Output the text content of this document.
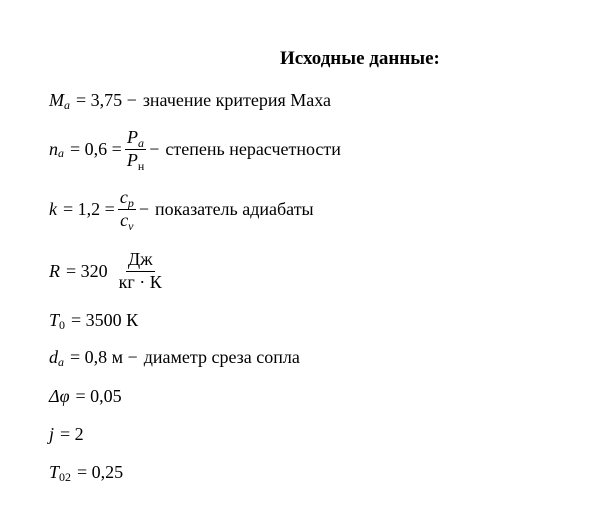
Исходные данные:
$M_a = 3,75$ − значение критерия Маха
$n_a = 0,6 = \frac{P_a}{P_н}$ − степень нерасчетности
$k = 1,2 = \frac{c_p}{c_v}$ − показатель адиабаты
$R = 320 \frac{Дж}{кг \cdot К}$
$T_0 = 3500$ К
$d_a = 0,8$ м − диаметр среза сопла
Δφ = 0,05
j = 2
$T_{02} = 0,25$
